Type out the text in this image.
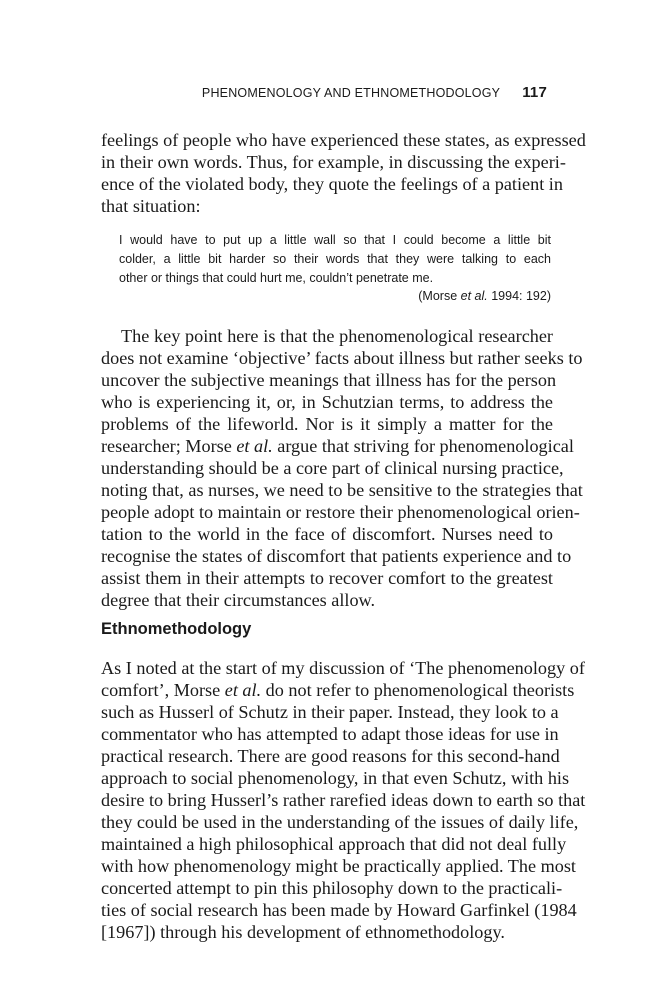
PHENOMENOLOGY AND ETHNOMETHODOLOGY 117
feelings of people who have experienced these states, as expressed
in their own words. Thus, for example, in discussing the experi-
ence of the violated body, they quote the feelings of a patient in
that situation:
I would have to put up a little wall so that I could become a little bit
colder, a little bit harder so their words that they were talking to each
other or things that could hurt me, couldn’t penetrate me.
(Morse et al. 1994: 192)
The key point here is that the phenomenological researcher
does not examine ‘objective’ facts about illness but rather seeks to
uncover the subjective meanings that illness has for the person
who is experiencing it, or, in Schutzian terms, to address the
problems of the lifeworld. Nor is it simply a matter for the
researcher; Morse et al. argue that striving for phenomenological
understanding should be a core part of clinical nursing practice,
noting that, as nurses, we need to be sensitive to the strategies that
people adopt to maintain or restore their phenomenological orien-
tation to the world in the face of discomfort. Nurses need to
recognise the states of discomfort that patients experience and to
assist them in their attempts to recover comfort to the greatest
degree that their circumstances allow.
Ethnomethodology
As I noted at the start of my discussion of ‘The phenomenology of
comfort’, Morse et al. do not refer to phenomenological theorists
such as Husserl of Schutz in their paper. Instead, they look to a
commentator who has attempted to adapt those ideas for use in
practical research. There are good reasons for this second-hand
approach to social phenomenology, in that even Schutz, with his
desire to bring Husserl’s rather rarefied ideas down to earth so that
they could be used in the understanding of the issues of daily life,
maintained a high philosophical approach that did not deal fully
with how phenomenology might be practically applied. The most
concerted attempt to pin this philosophy down to the practicali-
ties of social research has been made by Howard Garfinkel (1984
[1967]) through his development of ethnomethodology.
